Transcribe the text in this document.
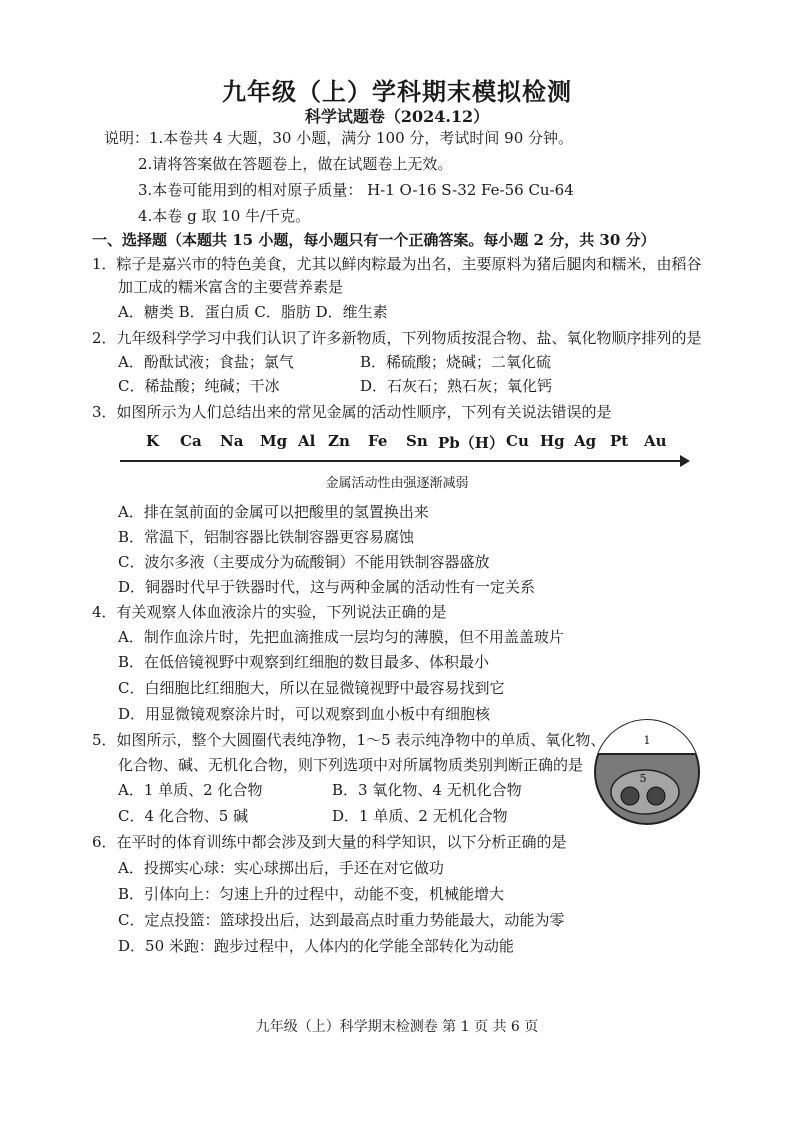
九年级（上）学科期末模拟检测
科学试题卷（2024.12）
说明：1.本卷共 4 大题，30 小题，满分 100 分，考试时间 90 分钟。
2.请将答案做在答题卷上，做在试题卷上无效。
3.本卷可能用到的相对原子质量： H-1 O-16 S-32 Fe-56 Cu-64
4.本卷 g 取 10 牛/千克。
一、选择题（本题共 15 小题，每小题只有一个正确答案。每小题 2 分，共 30 分）
1．粽子是嘉兴市的特色美食，尤其以鲜肉粽最为出名，主要原料为猪后腿肉和糯米，由稻谷
加工成的糯米富含的主要营养素是
A．糖类 B．蛋白质 C．脂肪 D．维生素
2．九年级科学学习中我们认识了许多新物质，下列物质按混合物、盐、氧化物顺序排列的是
A．酚酞试液；食盐；氯气	B．稀硫酸；烧碱；二氧化硫
C．稀盐酸；纯碱；干冰	D．石灰石；熟石灰；氧化钙
3．如图所示为人们总结出来的常见金属的活动性顺序，下列有关说法错误的是
K Ca Na Mg Al Zn Fe Sn Pb（H） Cu Hg Ag Pt Au
金属活动性由强逐渐减弱
A．排在氢前面的金属可以把酸里的氢置换出来
B．常温下，铝制容器比铁制容器更容易腐蚀
C．波尔多液（主要成分为硫酸铜）不能用铁制容器盛放
D．铜器时代早于铁器时代，这与两种金属的活动性有一定关系
4．有关观察人体血液涂片的实验，下列说法正确的是
A．制作血涂片时，先把血滴推成一层均匀的薄膜，但不用盖盖玻片
B．在低倍镜视野中观察到红细胞的数目最多、体积最小
C．白细胞比红细胞大，所以在显微镜视野中最容易找到它
D．用显微镜观察涂片时，可以观察到血小板中有细胞核
5．如图所示，整个大圆圈代表纯净物，1～5 表示纯净物中的单质、氧化物、
化合物、碱、无机化合物，则下列选项中对所属物质类别判断正确的是
A．1 单质、2 化合物	B．3 氧化物、4 无机化合物
C．4 化合物、5 碱	D．1 单质、2 无机化合物
1
5
6．在平时的体育训练中都会涉及到大量的科学知识，以下分析正确的是
A．投掷实心球：实心球掷出后，手还在对它做功
B．引体向上：匀速上升的过程中，动能不变，机械能增大
C．定点投篮：篮球投出后，达到最高点时重力势能最大，动能为零
D．50 米跑：跑步过程中，人体内的化学能全部转化为动能
九年级（上）科学期末检测卷 第 1 页 共 6 页
